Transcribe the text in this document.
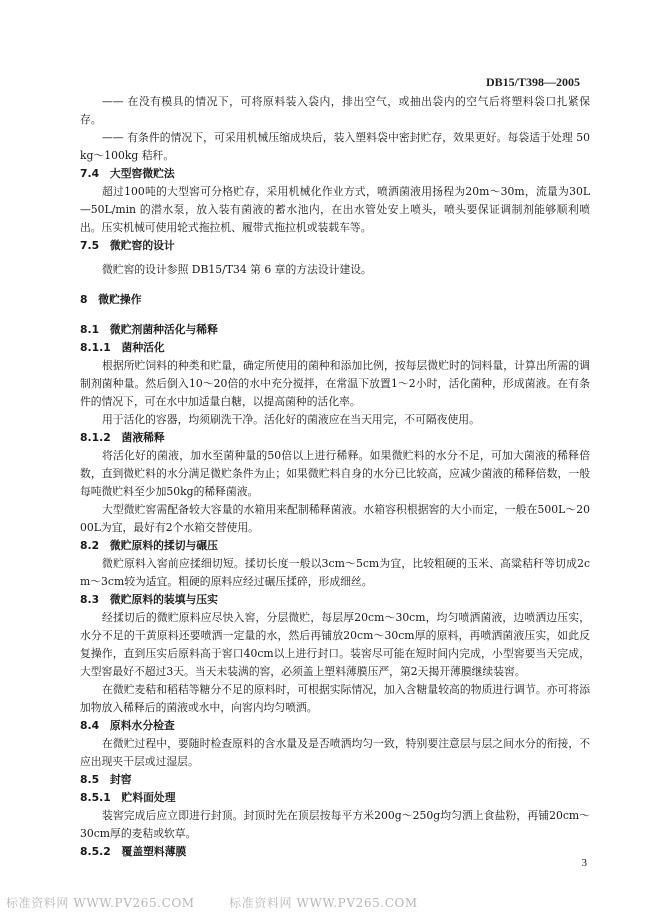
DB15/T398—2005

—— 在没有模具的情况下，可将原料装入袋内，排出空气，或抽出袋内的空气后将塑料袋口扎紧保存。

—— 有条件的情况下，可采用机械压缩成块后，装入塑料袋中密封贮存，效果更好。每袋适于处理 50kg～100kg 秸秆。

7.4　大型窖微贮法

超过100吨的大型窖可分格贮存，采用机械化作业方式，喷洒菌液用扬程为20m～30m，流量为30L—50L/min 的潜水泵，放入装有菌液的蓄水池内，在出水管处安上喷头，喷头要保证调制剂能够顺利喷出。压实机械可使用轮式拖拉机、履带式拖拉机或装载车等。

7.5　微贮窖的设计

微贮窖的设计参照 DB15/T34 第 6 章的方法设计建设。

8　微贮操作

8.1　微贮剂菌种活化与稀释

8.1.1　菌种活化

根据所贮饲料的种类和贮量，确定所使用的菌种和添加比例，按每层微贮时的饲料量，计算出所需的调制剂菌种量。然后倒入10～20倍的水中充分搅拌，在常温下放置1～2小时，活化菌种，形成菌液。在有条件的情况下，可在水中加适量白糖，以提高菌种的活化率。

用于活化的容器，均须刷洗干净。活化好的菌液应在当天用完，不可隔夜使用。

8.1.2　菌液稀释

将活化好的菌液，加水至菌种量的50倍以上进行稀释。如果微贮料的水分不足，可加大菌液的稀释倍数，直到微贮料的水分满足微贮条件为止；如果微贮料自身的水分已比较高，应减少菌液的稀释倍数，一般每吨微贮料至少加50kg的稀释菌液。

大型微贮窖需配备较大容量的水箱用来配制稀释菌液。水箱容积根据窖的大小而定，一般在500L～2000L为宜，最好有2个水箱交替使用。

8.2　微贮原料的揉切与碾压

微贮原料入窖前应揉细切短。揉切长度一般以3cm～5cm为宜，比较粗硬的玉米、高粱秸秆等切成2cm～3cm较为适宜。粗硬的原料应经过碾压揉碎，形成细丝。

8.3　微贮原料的装填与压实

经揉切后的微贮原料应尽快入窖，分层微贮，每层厚20cm～30cm，均匀喷洒菌液，边喷洒边压实，水分不足的干黄原料还要喷洒一定量的水，然后再铺放20cm～30cm厚的原料，再喷洒菌液压实，如此反复操作，直到压实后原料高于窖口40cm以上进行封口。装窖尽可能在短时间内完成，小型窖要当天完成，大型窖最好不超过3天。当天未装满的窖，必须盖上塑料薄膜压严，第2天揭开薄膜继续装窖。

在微贮麦秸和稻秸等糖分不足的原料时，可根据实际情况，加入含糖量较高的物质进行调节。亦可将添加物放入稀释后的菌液或水中，向窖内均匀喷洒。

8.4　原料水分检查

在微贮过程中，要随时检查原料的含水量及是否喷洒均匀一致，特别要注意层与层之间水分的衔接，不应出现夹干层或过湿层。

8.5　封窖

8.5.1　贮料面处理

装窖完成后应立即进行封顶。封顶时先在顶层按每平方米200g～250g均匀洒上食盐粉，再铺20cm～30cm厚的麦秸或软草。

8.5.2　覆盖塑料薄膜

3
标准资料网 WWW.PV265.COM	标准资料网 WWW.PV265.COM
